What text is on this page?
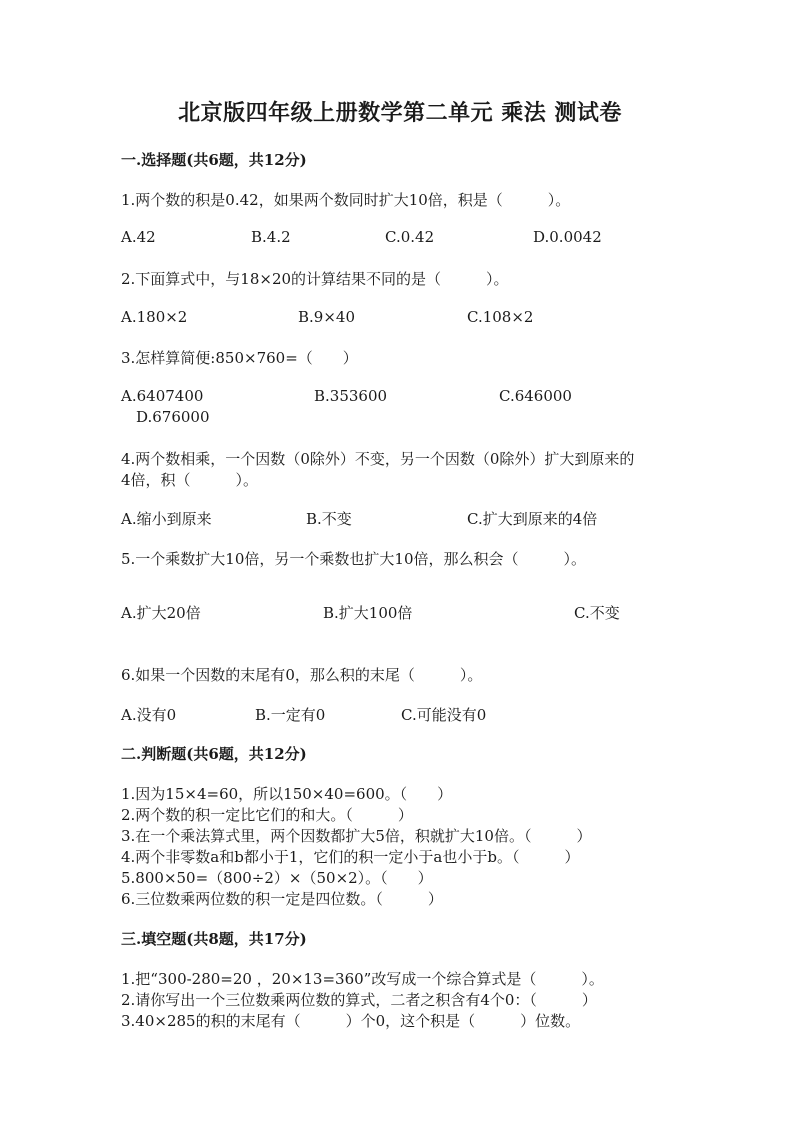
北京版四年级上册数学第二单元 乘法 测试卷
一.选择题(共6题，共12分)
1.两个数的积是0.42，如果两个数同时扩大10倍，积是（　　　）。
A.42	B.4.2	C.0.42	D.0.0042
2.下面算式中，与18×20的计算结果不同的是（　　　）。
A.180×2	B.9×40	C.108×2
3.怎样算简便:850×760=（　　）
A.6407400	B.353600	C.646000
D.676000
4.两个数相乘，一个因数（0除外）不变，另一个因数（0除外）扩大到原来的
4倍，积（　　　）。
A.缩小到原来	B.不变	C.扩大到原来的4倍
5.一个乘数扩大10倍，另一个乘数也扩大10倍，那么积会（　　　）。
A.扩大20倍	B.扩大100倍	C.不变
6.如果一个因数的末尾有0，那么积的末尾（　　　）。
A.没有0	B.一定有0	C.可能没有0
二.判断题(共6题，共12分)
1.因为15×4=60，所以150×40=600。（　　）
2.两个数的积一定比它们的和大。（　　　）
3.在一个乘法算式里，两个因数都扩大5倍，积就扩大10倍。（　　　）
4.两个非零数a和b都小于1，它们的积一定小于a也小于b。（　　　）
5.800×50=（800÷2）×（50×2）。（　　）
6.三位数乘两位数的积一定是四位数。（　　　）
三.填空题(共8题，共17分)
1.把“300-280=20 ，20×13=360”改写成一个综合算式是（　　　）。
2.请你写出一个三位数乘两位数的算式，二者之积含有4个0：（　　　）
3.40×285的积的末尾有（　　　）个0，这个积是（　　　）位数。
